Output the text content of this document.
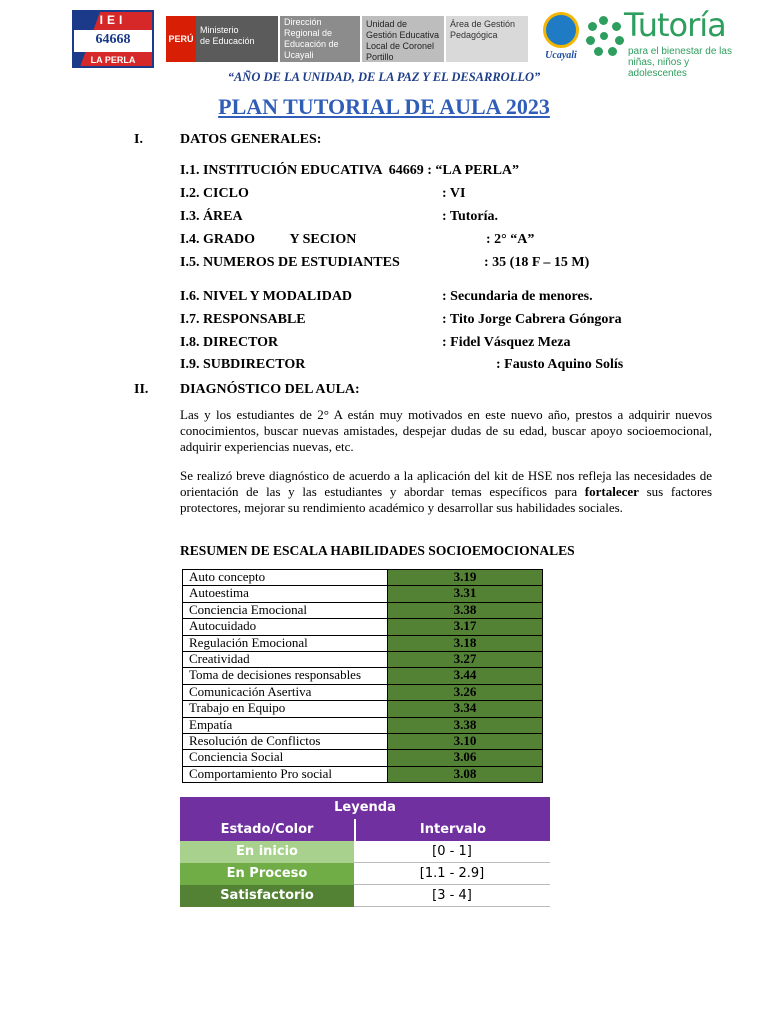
IEI
64668
LA PERLA
PERÚ
Ministerio
de Educación
Dirección Regional de Educación de Ucayali
Unidad de Gestión Educativa Local de Coronel Portillo
Área de Gestión Pedagógica
Ucayali
Tutoría
para el bienestar de las
niñas, niños y adolescentes
“AÑO DE LA UNIDAD, DE LA PAZ Y EL DESARROLLO”
PLAN TUTORIAL DE AULA 2023
I.	DATOS GENERALES:
I.1. INSTITUCIÓN EDUCATIVA  64669 : “LA PERLA”
I.2. CICLO	: VI
I.3. ÁREA	: Tutoría.
I.4. GRADO          Y SECION	: 2° “A”
I.5. NUMEROS DE ESTUDIANTES	: 35 (18 F – 15 M)
I.6. NIVEL Y MODALIDAD	: Secundaria de menores.
I.7. RESPONSABLE	: Tito Jorge Cabrera Góngora
I.8. DIRECTOR	: Fidel Vásquez Meza
I.9. SUBDIRECTOR	: Fausto Aquino Solís
II. DIAGNÓSTICO DEL AULA:
Las y los estudiantes de 2° A están muy motivados en este nuevo año, prestos a adquirir nuevos conocimientos, buscar nuevas amistades, despejar dudas de su edad, buscar apoyo socioemocional, adquirir experiencias nuevas, etc.
Se realizó breve diagnóstico de acuerdo a la aplicación del kit de HSE nos refleja las necesidades de orientación de las y las estudiantes y abordar temas específicos para fortalecer sus factores protectores, mejorar su rendimiento académico y desarrollar sus habilidades sociales.
RESUMEN DE ESCALA HABILIDADES SOCIOEMOCIONALES
Auto concepto	3.19
Autoestima	3.31
Conciencia Emocional	3.38
Autocuidado	3.17
Regulación Emocional	3.18
Creatividad	3.27
Toma de decisiones responsables	3.44
Comunicación Asertiva	3.26
Trabajo en Equipo	3.34
Empatía	3.38
Resolución de Conflictos	3.10
Conciencia Social	3.06
Comportamiento Pro social	3.08
Leyenda
Estado/Color	Intervalo
En inicio	[0 - 1]
En Proceso	[1.1 - 2.9]
Satisfactorio	[3 - 4]
